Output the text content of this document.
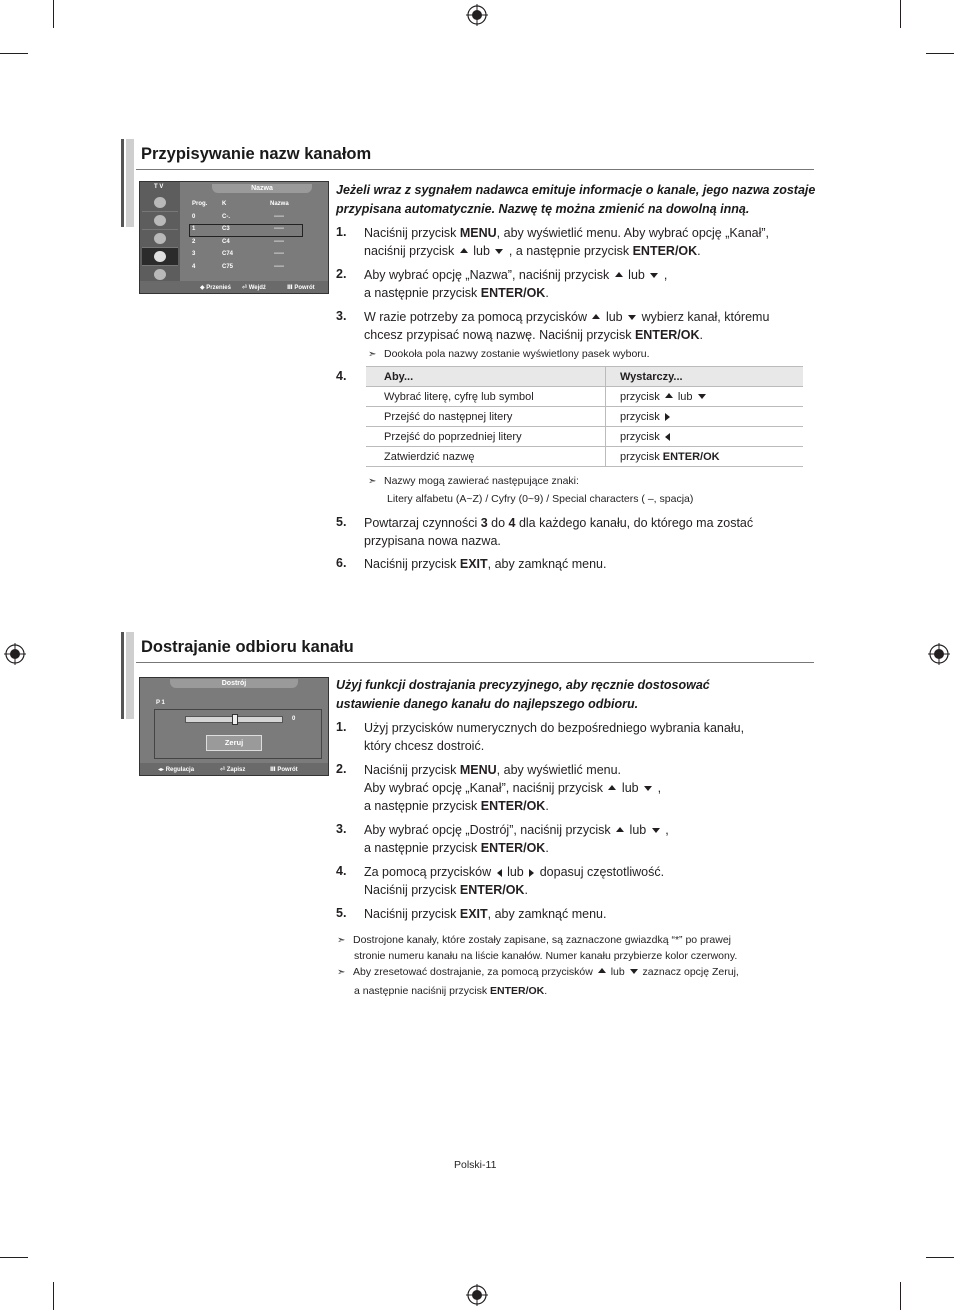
Przypisywanie nazw kanałom
T V	Nazwa
Prog. K	Nazwa
◆ Przenieś ⏎ Wejdź	Ⅲ Powrót
0	C-.	-----
1	C3	-----
2	C4	-----
3	C74	-----
4	C75	-----
Jeżeli wraz z sygnałem nadawca emituje informacje o kanale, jego nazwa zostaje przypisana automatycznie. Nazwę tę można zmienić na dowolną inną.
1. Naciśnij przycisk MENU, aby wyświetlić menu. Aby wybrać opcję „Kanał”,
naciśnij przycisk  lub  , a następnie przycisk ENTER/OK.
2. Aby wybrać opcję „Nazwa”, naciśnij przycisk  lub  ,
a następnie przycisk ENTER/OK.
3. W razie potrzeby za pomocą przycisków  lub  wybierz kanał, któremu
chcesz przypisać nową nazwę. Naciśnij przycisk ENTER/OK.
➣ Dookoła pola nazwy zostanie wyświetlony pasek wyboru.
4.	Aby...	Wystarczy...
Wybrać literę, cyfrę lub symbol	przycisk  lub
Przejść do następnej litery	przycisk
Przejść do poprzedniej litery	przycisk
Zatwierdzić nazwę	przycisk ENTER/OK
➣ Nazwy mogą zawierać następujące znaki:
Litery alfabetu (A~Z) / Cyfry (0~9) / Special characters ( –, spacja)
5. Powtarzaj czynności 3 do 4 dla każdego kanału, do którego ma zostać
przypisana nowa nazwa.
6. Naciśnij przycisk EXIT, aby zamknąć menu.
Dostrajanie odbioru kanału
Dostrój
P 1
0
Zeruj
◂▸ Regulacja	⏎ Zapisz	Ⅲ Powrót
Użyj funkcji dostrajania precyzyjnego, aby ręcznie dostosować ustawienie danego kanału do najlepszego odbioru.
1. Użyj przycisków numerycznych do bezpośredniego wybrania kanału,
który chcesz dostroić.
2. Naciśnij przycisk MENU, aby wyświetlić menu.
Aby wybrać opcję „Kanał”, naciśnij przycisk  lub  ,
a następnie przycisk ENTER/OK.
3. Aby wybrać opcję „Dostrój”, naciśnij przycisk  lub  ,
a następnie przycisk ENTER/OK.
4. Za pomocą przycisków  lub  dopasuj częstotliwość.
Naciśnij przycisk ENTER/OK.
5. Naciśnij przycisk EXIT, aby zamknąć menu.
➣ Dostrojone kanały, które zostały zapisane, są zaznaczone gwiazdką “*” po prawej
stronie numeru kanału na liście kanałów. Numer kanału przybierze kolor czerwony.
➣ Aby zresetować dostrajanie, za pomocą przycisków  lub  zaznacz opcję Zeruj,
a następnie naciśnij przycisk ENTER/OK.
Polski-11
